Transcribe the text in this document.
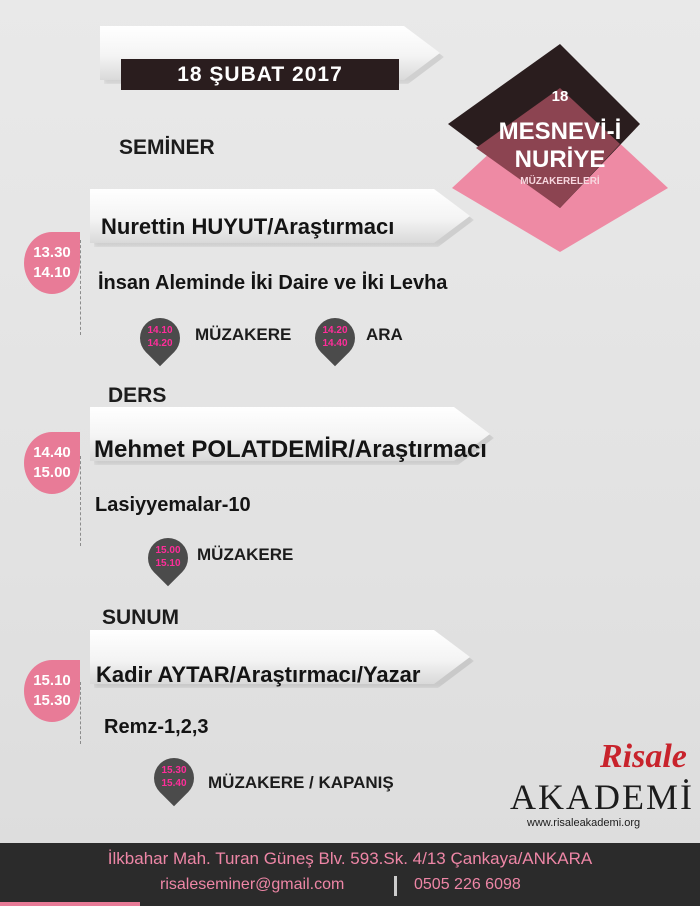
18 ŞUBAT 2017
18
MESNEVİ-İ
NURİYE
MÜZAKERELERİ
SEMİNER
Nurettin HUYUT/Araştırmacı
13.30
14.10 İnsan Aleminde İki Daire ve İki Levha
14.10
14.20	MÜZAKERE	14.20
14.40	ARA
DERS
Mehmet POLATDEMİR/Araştırmacı
14.40
15.00
Lasiyyemalar-10
15.00
15.10 MÜZAKERE
SUNUM
Kadir AYTAR/Araştırmacı/Yazar
15.10
15.30
Remz-1,2,3
15.30
15.40	MÜZAKERE / KAPANIŞ
Risale
AKADEMİ
www.risaleakademi.org
İlkbahar Mah. Turan Güneş Blv. 593.Sk. 4/13 Çankaya/ANKARA
risaleseminer@gmail.com	0505 226 6098
